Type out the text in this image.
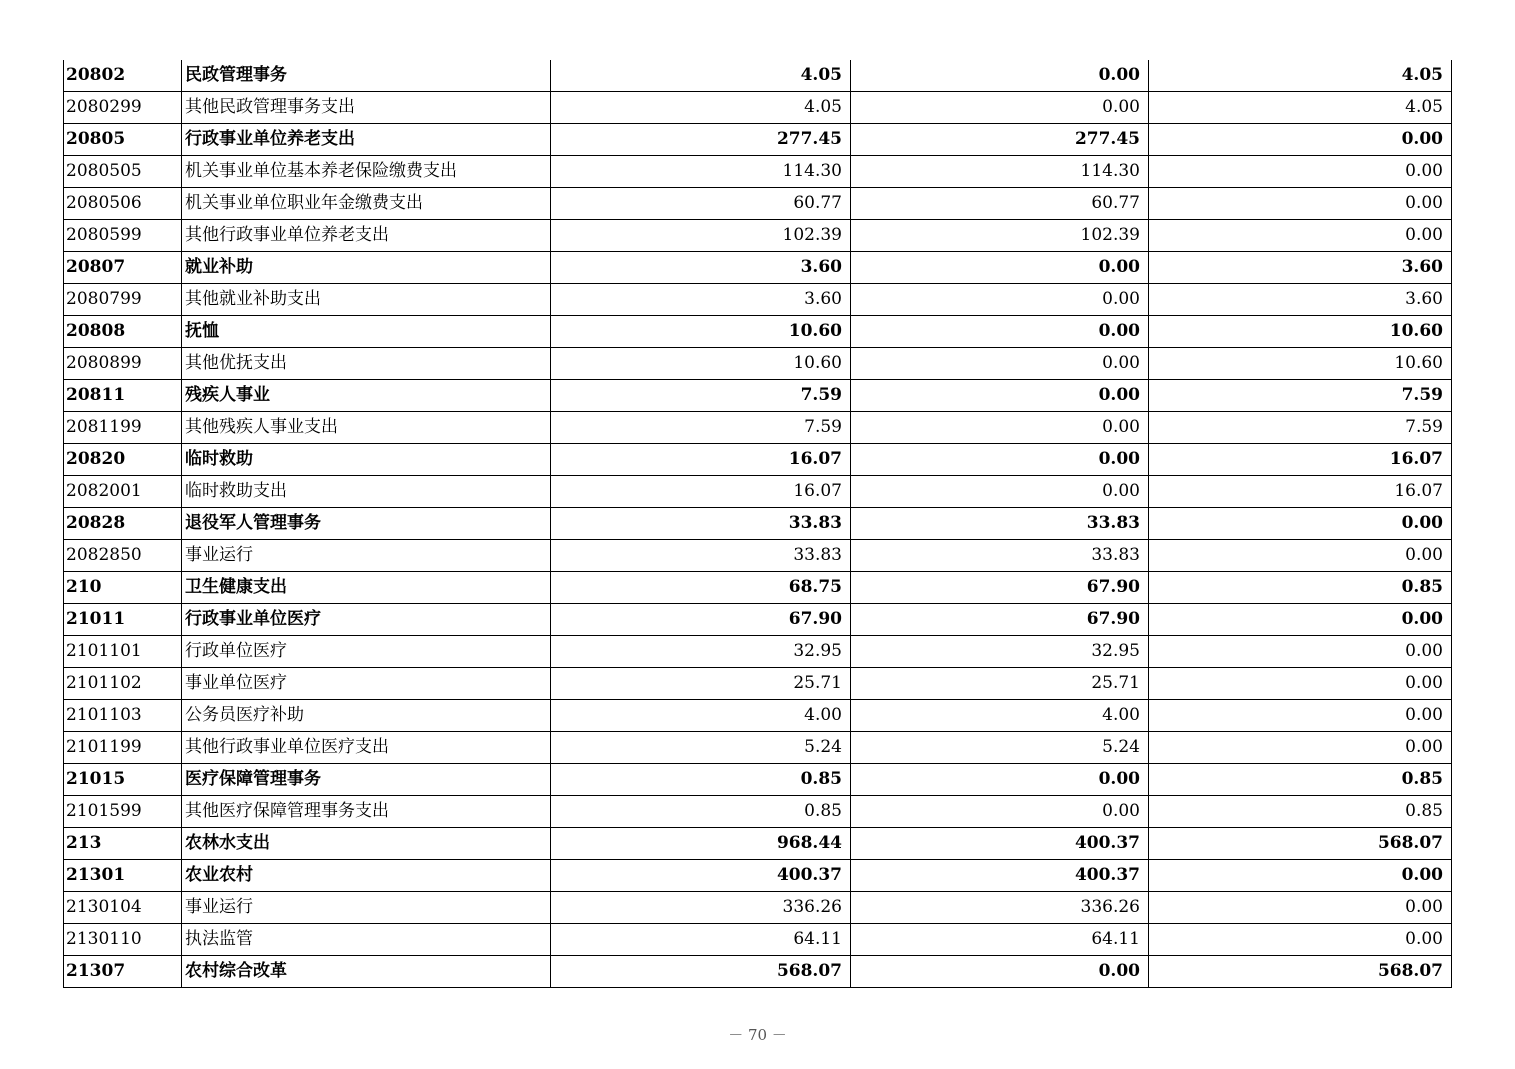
20802	民政管理事务	4.05	0.00	4.05
2080299	其他民政管理事务支出	4.05	0.00	4.05
20805	行政事业单位养老支出	277.45	277.45	0.00
2080505	机关事业单位基本养老保险缴费支出	114.30	114.30	0.00
2080506	机关事业单位职业年金缴费支出	60.77	60.77	0.00
2080599	其他行政事业单位养老支出	102.39	102.39	0.00
20807	就业补助	3.60	0.00	3.60
2080799	其他就业补助支出	3.60	0.00	3.60
20808	抚恤	10.60	0.00	10.60
2080899	其他优抚支出	10.60	0.00	10.60
20811	残疾人事业	7.59	0.00	7.59
2081199	其他残疾人事业支出	7.59	0.00	7.59
20820	临时救助	16.07	0.00	16.07
2082001	临时救助支出	16.07	0.00	16.07
20828	退役军人管理事务	33.83	33.83	0.00
2082850	事业运行	33.83	33.83	0.00
210	卫生健康支出	68.75	67.90	0.85
21011	行政事业单位医疗	67.90	67.90	0.00
2101101	行政单位医疗	32.95	32.95	0.00
2101102	事业单位医疗	25.71	25.71	0.00
2101103	公务员医疗补助	4.00	4.00	0.00
2101199	其他行政事业单位医疗支出	5.24	5.24	0.00
21015	医疗保障管理事务	0.85	0.00	0.85
2101599	其他医疗保障管理事务支出	0.85	0.00	0.85
213	农林水支出	968.44	400.37	568.07
21301	农业农村	400.37	400.37	0.00
2130104	事业运行	336.26	336.26	0.00
2130110	执法监管	64.11	64.11	0.00
21307	农村综合改革	568.07	0.00	568.07
－ 70 －
